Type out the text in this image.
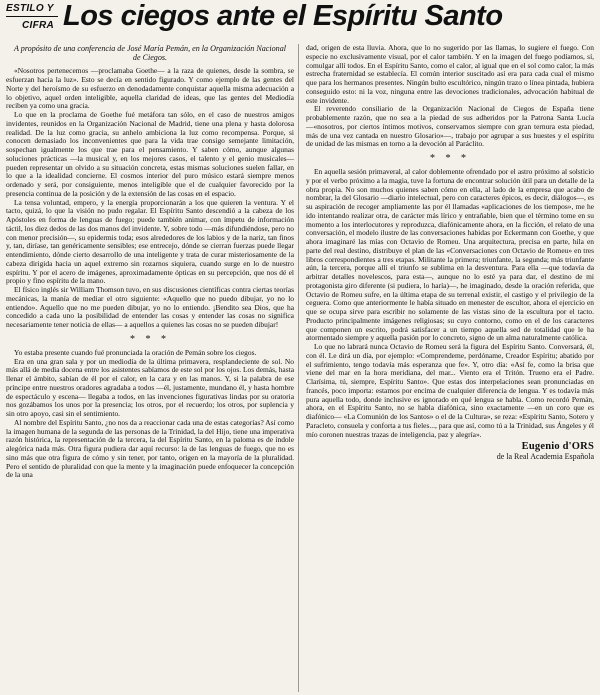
ESTILO Y
CIFRA Los ciegos ante el Espíritu Santo

A propósito de una conferencia de José María Pemán, en la Organización Nacional de Ciegos.

«Nosotros pertenecemos —proclamaba Goethe— a la raza de quienes, desde la sombra, se esfuerzan hacia la luz». Esto se decía en sentido figurado. Y como ejemplo de las gentes del Norte y del heroísmo de su esfuerzo en denodadamente conquistar aquella misma adecuación a lo objetivo, aquel orden inteligible, aquella claridad de ideas, que las gentes del Mediodía reciben ya como una gracia.

Lo que en la proclama de Goethe fué metáfora tan sólo, en el caso de nuestros amigos invidentes, reunidos en la Organización Nacional de Madrid, tiene una plena y hasta dolorosa realidad. De la luz como gracia, su anhelo ambiciona la luz como recompensa. Porque, si conocen demasiado los inconvenientes que para la vida trae consigo semejante limitación, sospechan igualmente los que trae para el pensamiento. Y saben cómo, aunque algunas soluciones prácticas —la musical y, en los mejores casos, el talento y el genio musicales— pueden representar un olvido a su situación concreta, estas mismas soluciones suelen fallar, en lo que a la idealidad concierne. El cosmos interior del puro músico estará siempre menos ordenado y será, por consiguiente, menos inteligible que el de cualquier favorecido por la presencia continua de la posición y de la extensión de las cosas en el espacio.

La tensa voluntad, empero, y la energía proporcionarán a los que quieren la ventura. Y el tacto, quizá, lo que la visión no pudo regalar. El Espíritu Santo descendió a la cabeza de los Apóstoles en forma de lenguas de fuego; puede también animar, con ímpetu de información táctil, los diez dedos de las dos manos del invidente. Y, sobre todo —más difundiéndose, pero no con menor precisión—, su epidermis toda; esos alrededores de los labios y de la nariz, tan finos y, tan, diríase, tan genéricamente sensibles; ese entrecejo, dónde se cierran fuerzas puede llegar entendimiento, dónde cierto desarrollo de una inteligente y trata de curar misteriosamente de la cabeza dirigida hacia un aquel extremo sin rozarnos siquiera, cuando surge en lo de nuestro espíritu. Y por el acero de imágenes, aproximadamente ópticas en su percepción, que nos dé el propio y fino espíritu de la mano.

El físico inglés sir William Thomson tuvo, en sus discusiones científicas contra ciertas teorías mecánicas, la manía de mediar el otro siguiente: «Aquello que no puedo dibujar, yo no lo entiendo». Aquello que no me pueden dibujar, yo no lo entiendo. ¡Bendito sea Dios, que ha concedido a cada uno la posibilidad de entender las cosas y entender las cosas no significa necesariamente tener noticia de ellas— a aquellos a quienes las cosas no se pueden dibujar!

* * *

Yo estaba presente cuando fué pronunciada la oración de Pemán sobre los ciegos.

Era en una gran sala y por un mediodía de la última primavera, resplandeciente de sol. No más allá de media docena entre los asistentes sabíamos de este sol por los ojos. Los demás, hasta llenar el ámbito, sabían de él por el calor, en la cara y en las manos. Y, si la palabra de ese príncipe entre nuestros oradores agradaba a todos —él, justamente, mundano él, y hasta hombre de espectáculo y escena— llegaba a todos, en las invenciones figurativas lindas por su oratoria nos gozábamos los unos por la presencia; los otros, por el recuerdo; los otros, por suplencia y sin otro apoyo, casi sin el sentimiento.

Al nombre del Espíritu Santo, ¿no nos da a reaccionar cada una de estas categorías? Así como la imagen humana de la segunda de las personas de la Trinidad, la del Hijo, tiene una imperativa razón histórica, la representación de la tercera, la del Espíritu Santo, en la paloma es de índole alegórica nada más. Otra figura pudiera dar aquí recurso: la de las lenguas de fuego, que no es sino más que otra figura de cómo y sin tener, por tanto, origen en la mayoría de la pluralidad. Pero el sentido de pluralidad con que la mente y la imaginación puede enfoquecer la concepción de la una

dad, origen de esta lluvia. Ahora, que lo no sugerido por las llamas, lo sugiere el fuego. Con especie no exclusivamente visual, por el calor también. Y en la imagen del fuego podíamos, sí, comulgar allí todos. En el Espíritu Santo, como el calor, al igual que en el sol como calor, la más estrecha fraternidad se establecía. El común interior suscitado así era para cada cual el mismo que para los hermanos presentes. Ningún bulto escultórico, ningún trazo o línea pintada, hubiera conseguido esto: ni la voz, ninguna entre las devociones tradicionales, advocación habitual de este invidente.

El reverendo consiliario de la Organización Nacional de Ciegos de España tiene probablemente razón, que no sea a la piedad de sus adheridos por la Patrona Santa Lucía —«nosotros, por ciertos íntimos motivos, conservamos siempre con gran ternura esta piedad, más de una vez cantada en nuestro Glosario»—, trabajo por agrupar a sus huestes y el espíritu de unidad de las mismas en torno a la devoción al Paráclito.

* * *

En aquella sesión primaveral, al calor doblemente ofrendado por el astro próximo al solsticio y por el verbo próximo a la magia, tuve la fortuna de encontrar solución útil para un detalle de la obra propia. No son muchos quienes saben cómo en ella, al lado de la empresa que acabo de nombrar, la del Glosario —diario intelectual, pero con caracteres épicos, es decir, diálogos—, es su aspiración de recoger ampliamente las por él llamadas «aplicaciones de los tiempos», me he ido intentando realizar otra, de carácter más lírico y entrañable, bien que el término tome en su momento a los interlocutores y reproduzca, diafónicamente ahora, en la ficción, el relato de una conversación, el modelo ilustre de las conversaciones habidas por Eckermann con Goethe, y que ahora imaginaré las mías con Octavio de Romeu. Una arquitectura, precisa en parte, hila en parte del real destino, distribuye el plan de las «Conversaciones con Octavio de Romeu» en tres libros correspondientes a tres etapas. Militante la primera; triunfante, la segunda; más triunfante aún, la tercera, porque allí el triunfo se sublima en la desventura. Para ella —que todavía da arbitrar detalles novelescos, para esta—, aunque no lo esté ya para dar, el destino de mi protagonista giro diferente (si pudiera, lo haría)—, he imaginado, desde la oración referida, que Octavio de Romeu sufre, en la última etapa de su terrenal existir, el castigo y el privilegio de la ceguera. Como que anteriormente le había situado en menester de escultor, ahora el ejercicio en que se ocupa sirve para escribir no solamente de las vistas sino de la escultura por el tacto. Producto principalmente imágenes religiosas; su cuyo contorno, como en el de los caracteres que componen un escrito, podrá satisfacer a un tiempo aquella sed de totalidad que le ha atormentado siempre y aquella pasión por lo concreto, signo de un alma naturalmente católica.

Lo que no labrará nunca Octavio de Romeu será la figura del Espíritu Santo. Conversará, él, con él. Le dirá un día, por ejemplo: «Comprendeme, perdóname, Creador Espíritu; abatido por el sufrimiento, tengo todavía más esperanza que fe». Y, otro día: «Así fe, como la brisa que viene del mar en la hora meridiana, del mar... Viento era el Tritón. Trueno era el Padre. Clarísima, tú, siempre, Espíritu Santo». Que estas dos interpelaciones sean pronunciadas en francés, poco importa: estamos por encima de cualquier diferencia de lengua. Y es todavía más pura aquella todo, donde inclusive es ignorado en qué lengua se habla. Como recordó Pemán, ahora, en el Espíritu Santo, no se habla diafónica, sino exactamente —en un coro que es diafónico— «La Comunión de los Santos» o el de la Cultura», se reza: «Espíritu Santo, Sotero y Paracleto, consuela y conforta a tus fieles..., para que así, como tú a la Trinidad, sus Ángeles y él mío coronen nuestras trazas de inteligencia, paz y alegría».

Eugenio d'ORS
de la Real Academia Española
